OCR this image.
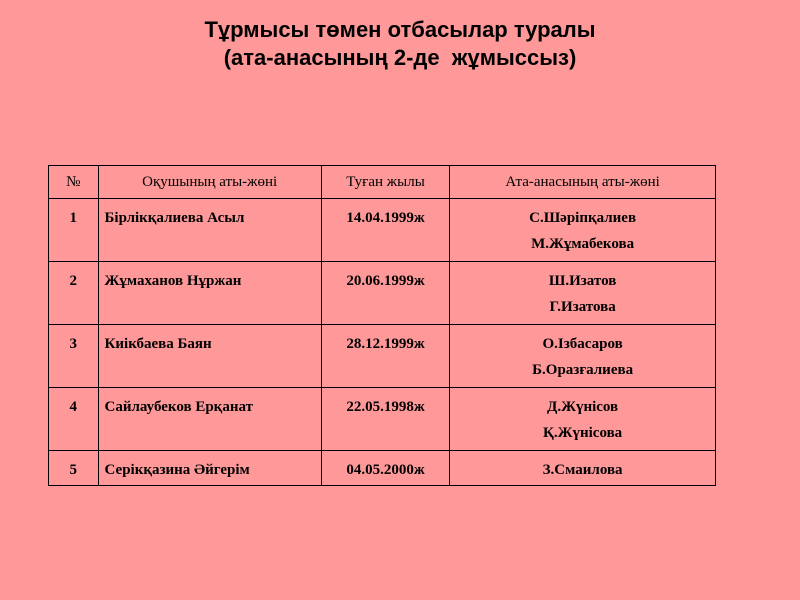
Тұрмысы төмен отбасылар туралы
(ата-анасының 2-де  жұмыссыз)
№	Оқушының аты-жөні	Туған жылы	Ата-анасының аты-жөні
1	Бірлікқалиева Асыл	14.04.1999ж	С.Шәріпқалиев
М.Жұмабекова

2	Жұмаханов Нұржан	20.06.1999ж	Ш.Изатов
Г.Изатова

3	Киікбаева Баян	28.12.1999ж	О.Ізбасаров
Б.Оразғалиева

4	Сайлаубеков Ерқанат	22.05.1998ж	Д.Жүнісов
Қ.Жүнісова

5	Серікқазина Әйгерім	04.05.2000ж	З.Смаилова
